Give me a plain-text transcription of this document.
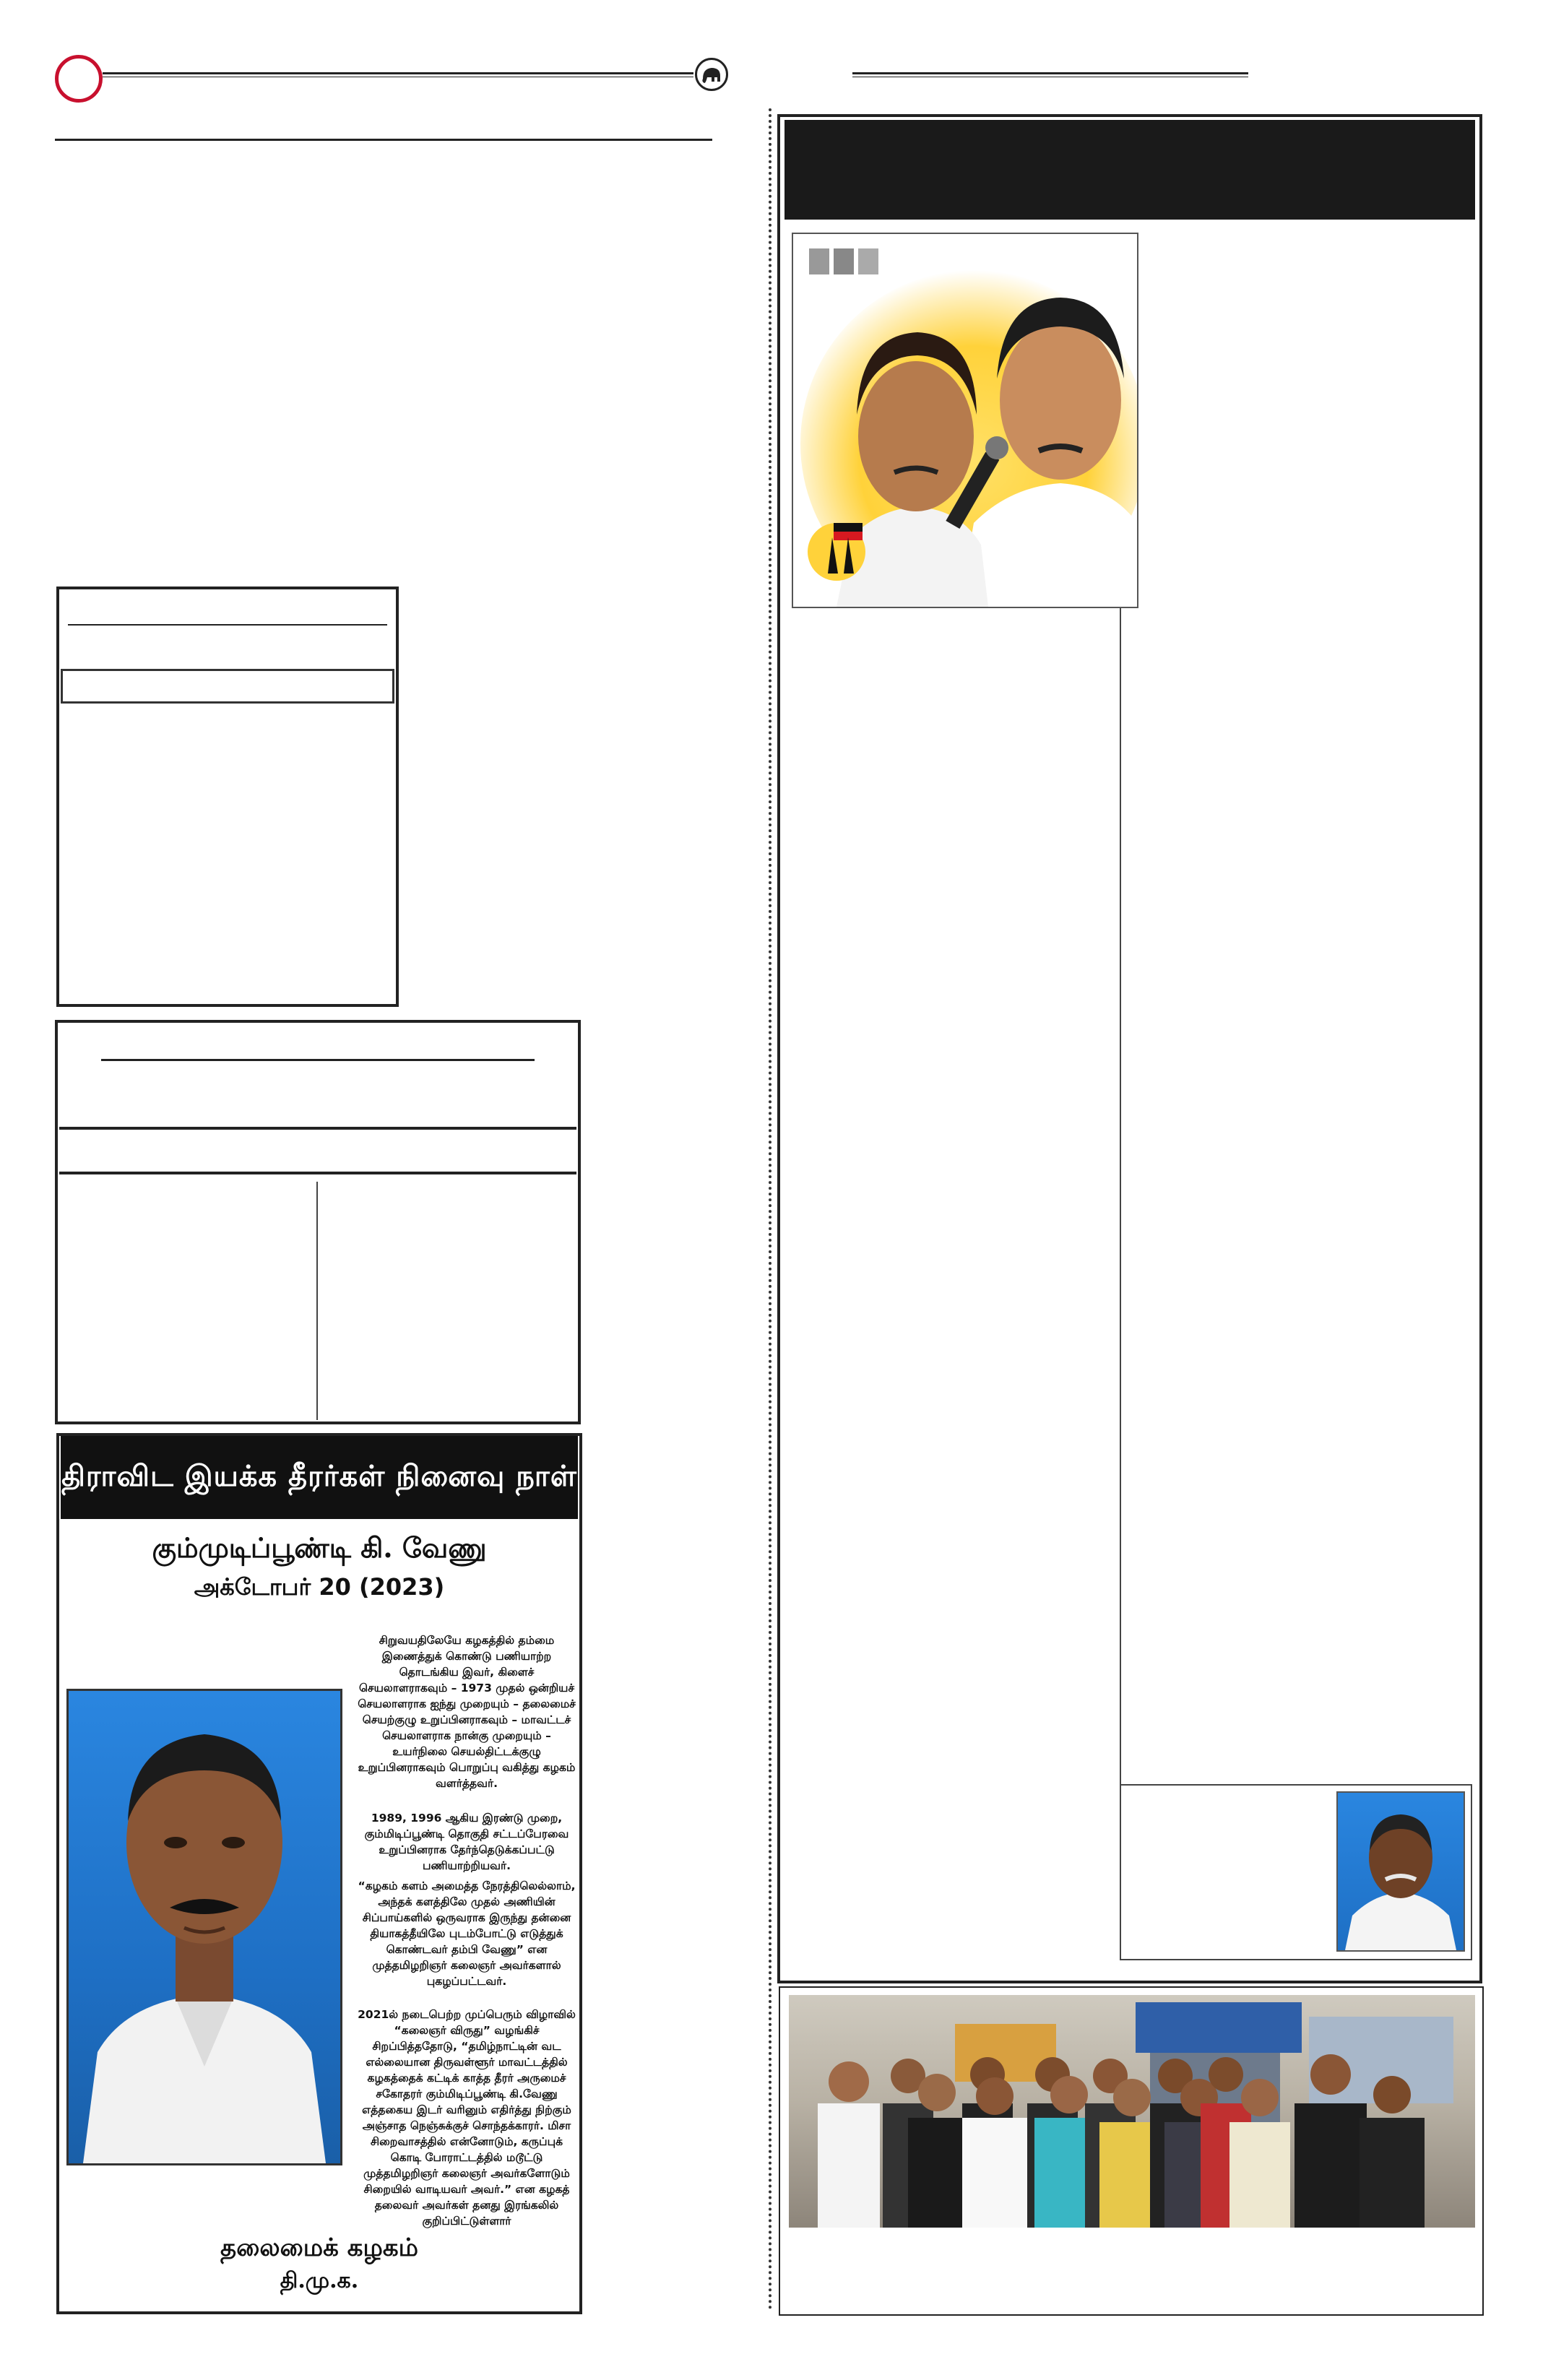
திராவிட இயக்க தீரர்கள் நினைவு நாள்
கும்முடிப்பூண்டி கி. வேணு
அக்டோபர் 20 (2023)

சிறுவயதிலேயே கழகத்தில் தம்மை இணைத்துக் கொண்டு பணியாற்ற தொடங்கிய இவர், கிளைச் செயலாளராகவும் – 1973 முதல் ஒன்றியச் செயலாளராக ஐந்து முறையும் – தலைமைச் செயற்குழு உறுப்பினராகவும் – மாவட்டச் செயலாளராக நான்கு முறையும் – உயர்நிலை செயல்திட்டக்குழு உறுப்பினராகவும் பொறுப்பு வகித்து கழகம் வளர்த்தவர்.

1989, 1996 ஆகிய இரண்டு முறை, கும்மிடிப்பூண்டி தொகுதி சட்டப்பேரவை உறுப்பினராக தேர்ந்தெடுக்கப்பட்டு பணியாற்றியவர்.

“கழகம் களம் அமைத்த நேரத்திலெல்லாம், அந்தக் களத்திலே முதல் அணியின் சிப்பாய்களில் ஒருவராக இருந்து தன்னை தியாகத்தீயிலே புடம்போட்டு எடுத்துக் கொண்டவர் தம்பி வேணு” என முத்தமிழறிஞர் கலைஞர் அவர்களால் புகழப்பட்டவர்.

2021ல் நடைபெற்ற முப்பெரும் விழாவில் “கலைஞர் விருது” வழங்கிச் சிறப்பித்ததோடு, “தமிழ்நாட்டின் வட எல்லையான திருவள்ளூர் மாவட்டத்தில் கழகத்தைக் கட்டிக் காத்த தீரர் அருமைச் சகோதரர் கும்மிடிப்பூண்டி கி.வேணு எத்தகைய இடர் வரினும் எதிர்த்து நிற்கும் அஞ்சாத நெஞ்சுக்குச் சொந்தக்காரர். மிசா சிறைவாசத்தில் என்னோடும், கருப்புக் கொடி போராட்டத்தில் மடூட்டு முத்தமிழறிஞர் கலைஞர் அவர்களோடும் சிறையில் வாடியவர் அவர்.” என கழகத் தலைவர் அவர்கள் தனது இரங்கலில் குறிப்பிட்டுள்ளார்

தலைமைக் கழகம்
தி.மு.க.
